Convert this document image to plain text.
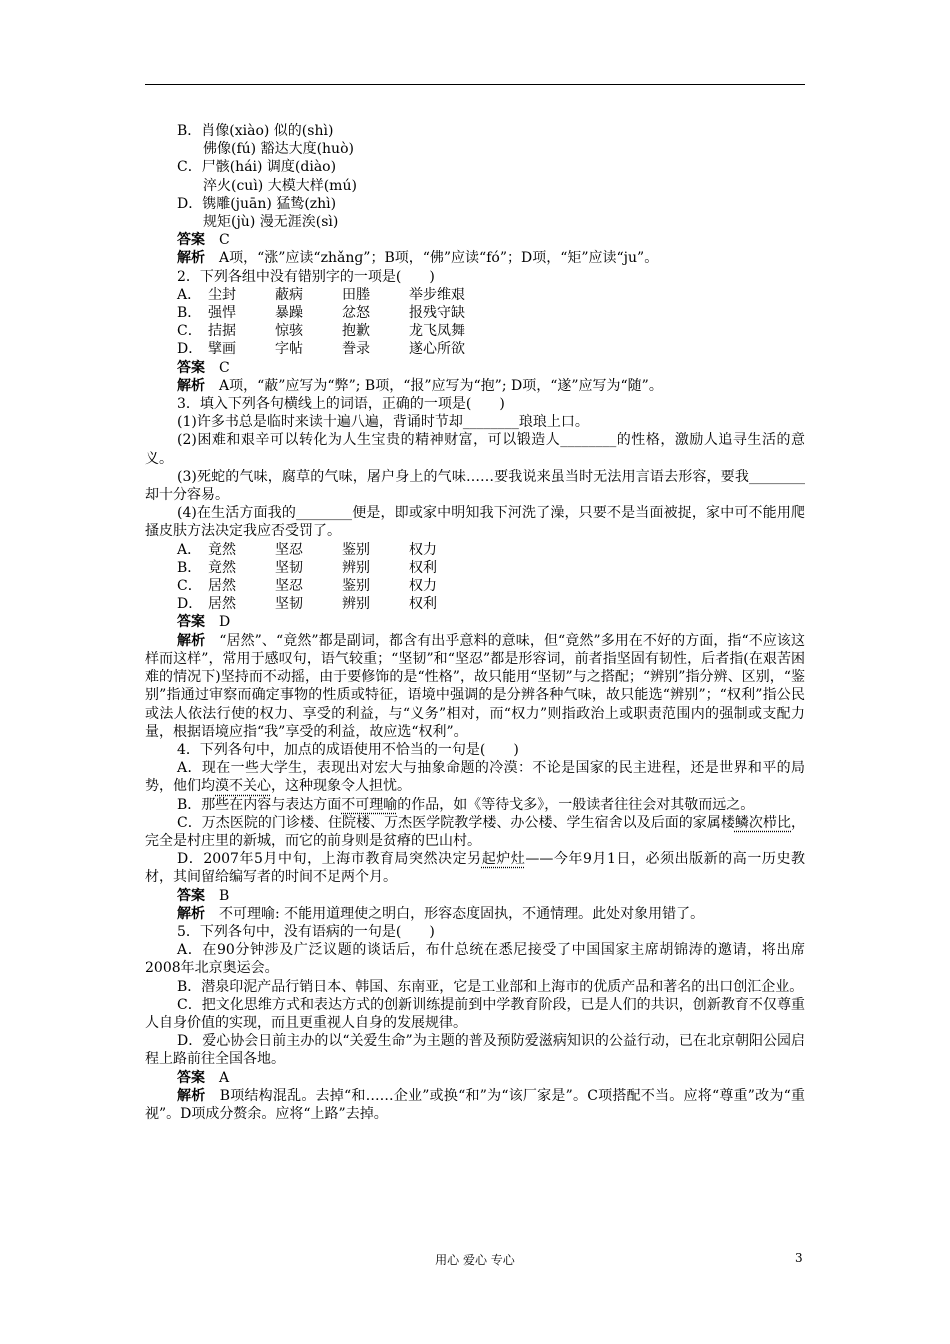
B．肖像(xiào) 似的(shì)
佛像(fú) 豁达大度(huò)
C．尸骸(hái) 调度(diào)
淬火(cuì) 大模大样(mú)
D．镌雕(juān) 猛鸷(zhì)
规矩(jù) 漫无涯涘(sì)
答案　 C
解析　 A项，“涨”应读“zhǎnɡ”；B项，“佛”应读“fó”；D项，“矩”应读“ju”。
2．下列各组中没有错别字的一项是(　　)
A． 尘封	蔽病	田塍	举步维艰
B． 强悍	暴躁	忿怒	报残守缺
C． 拮据	惊骇	抱歉	龙飞凤舞
D． 擘画	字帖	誊录	遂心所欲
答案　 C
解析　 A项，“蔽”应写为“弊”; B项，“报”应写为“抱”; D项，“遂”应写为“随”。
3．填入下列各句横线上的词语，正确的一项是(　　)
(1)许多书总是临时来读十遍八遍，背诵时节却________琅琅上口。
(2)困难和艰辛可以转化为人生宝贵的精神财富，可以锻造人________的性格，激励人追寻生活的意义。
(3)死蛇的气味，腐草的气味，屠户身上的气味……要我说来虽当时无法用言语去形容，要我________却十分容易。
(4)在生活方面我的________便是，即或家中明知我下河洗了澡，只要不是当面被捉，家中可不能用爬搔皮肤方法决定我应否受罚了。
A． 竟然	坚忍	鉴别	权力
B． 竟然	坚韧	辨别	权利
C． 居然	坚忍	鉴别	权力
D． 居然	坚韧	辨别	权利
答案　 D
解析　 “居然”、“竟然”都是副词，都含有出乎意料的意味，但“竟然”多用在不好的方面，指“不应该这样而这样”，常用于感叹句，语气较重；“坚韧”和“坚忍”都是形容词，前者指坚固有韧性，后者指(在艰苦困难的情况下)坚持而不动摇，由于要修饰的是“性格”，故只能用“坚韧”与之搭配；“辨别”指分辨、区别，“鉴别”指通过审察而确定事物的性质或特征，语境中强调的是分辨各种气味，故只能选“辨别”；“权利”指公民或法人依法行使的权力、享受的利益，与“义务”相对，而“权力”则指政治上或职责范围内的强制或支配力量，根据语境应指“我”享受的利益，故应选“权利”。
4．下列各句中，加点的成语使用不恰当的一句是(　　)
A．现在一些大学生，表现出对宏大与抽象命题的冷漠：不论是国家的民主进程，还是世界和平的局势，他们均漠不关心，这种现象令人担忧。
B．那些在内容与表达方面不可理喻的作品，如《等待戈多》，一般读者往往会对其敬而远之。
C．万杰医院的门诊楼、住院楼、万杰医学院教学楼、办公楼、学生宿舍以及后面的家属楼鳞次栉比，完全是村庄里的新城，而它的前身则是贫瘠的巴山村。
D．2007年5月中旬，上海市教育局突然决定另起炉灶——今年9月1日，必须出版新的高一历史教材，其间留给编写者的时间不足两个月。
答案　 B
解析　 不可理喻: 不能用道理使之明白，形容态度固执，不通情理。此处对象用错了。
5．下列各句中，没有语病的一句是(　　)
A．在90分钟涉及广泛议题的谈话后，布什总统在悉尼接受了中国国家主席胡锦涛的邀请，将出席2008年北京奥运会。
B．潜泉印泥产品行销日本、韩国、东南亚，它是工业部和上海市的优质产品和著名的出口创汇企业。
C．把文化思维方式和表达方式的创新训练提前到中学教育阶段，已是人们的共识，创新教育不仅尊重人自身价值的实现，而且更重视人自身的发展规律。
D．爱心协会日前主办的以“关爱生命”为主题的普及预防爱滋病知识的公益行动，已在北京朝阳公园启程上路前往全国各地。
答案　 A
解析　 B项结构混乱。去掉“和……企业”或换“和”为“该厂家是”。C项搭配不当。应将“尊重”改为“重视”。D项成分赘余。应将“上路”去掉。
用心 爱心 专心	3
